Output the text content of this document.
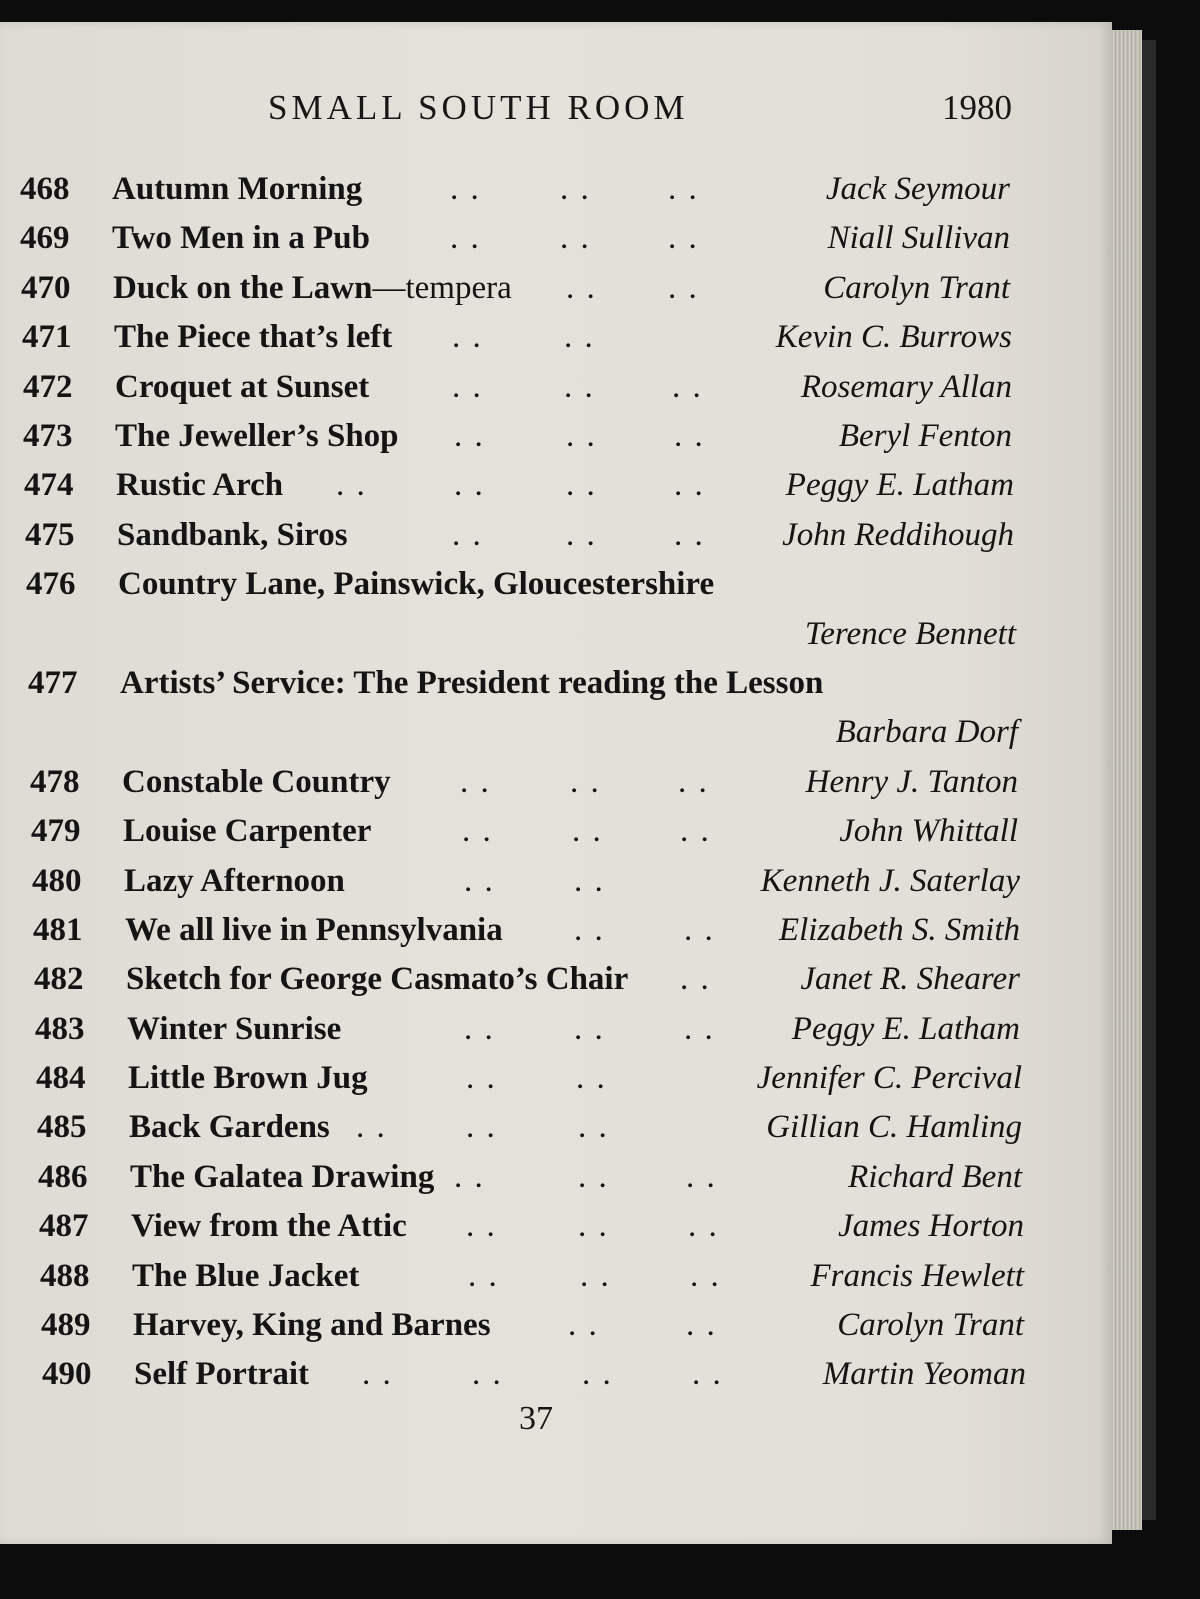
SMALL SOUTH ROOM	1980
468 Autumn Morning	. . . . . .	Jack Seymour
469 Two Men in a Pub . . . . . .	Niall Sullivan
470 Duck on the Lawn—tempera . . . .	Carolyn Trant
471 The Piece that’s left . . . .	Kevin C. Burrows
472 Croquet at Sunset	. . . . . .	Rosemary Allan
473 The Jeweller’s Shop . . . . . .	Beryl Fenton
474 Rustic Arch . .	. . . . . . Peggy E. Latham
475 Sandbank, Siros	. .	. . . . John Reddihough
476 Country Lane, Painswick, Gloucestershire
Terence Bennett
477 Artists’ Service: The President reading the Lesson
Barbara Dorf
478 Constable Country . . . . . .	Henry J. Tanton
479 Louise Carpenter	. . . . . .	John Whittall
480 Lazy Afternoon	. . . .	Kenneth J. Saterlay
481 We all live in Pennsylvania . . . . Elizabeth S. Smith
482 Sketch for George Casmato’s Chair . .	Janet R. Shearer
483 Winter Sunrise	. . . . . . Peggy E. Latham
484 Little Brown Jug	. . . .	Jennifer C. Percival
485 Back Gardens . . . . . .	Gillian C. Hamling
486 The Galatea Drawing . .	. . . .	Richard Bent
487 View from the Attic . . . . . .	James Horton
488 The Blue Jacket	. . . . . .	Francis Hewlett
489 Harvey, King and Barnes . .	. .	Carolyn Trant
490 Self Portrait . . . . . . . .	Martin Yeoman
37
